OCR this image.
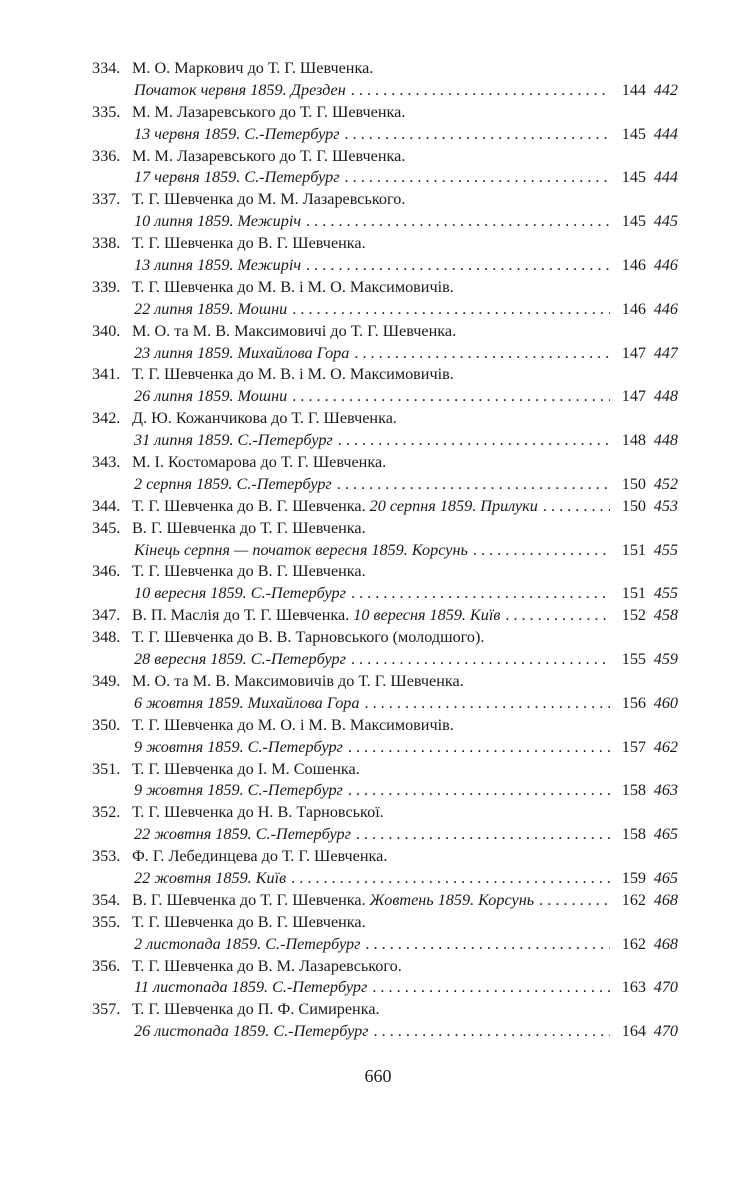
334. М. О. Маркович до Т. Г. Шевченка.
Початок червня 1859. Дрезден . . .	144 442
335. М. М. Лазаревського до Т. Г. Шевченка.
13 червня 1859. С.-Петербург . . .	145 444
336. М. М. Лазаревського до Т. Г. Шевченка.
17 червня 1859. С.-Петербург . . .	145 444
337. Т. Г. Шевченка до М. М. Лазаревського.
10 липня 1859. Межиріч . . .	145 445
338. Т. Г. Шевченка до В. Г. Шевченка.
13 липня 1859. Межиріч . . .	146 446
339. Т. Г. Шевченка до М. В. і М. О. Максимовичів.
22 липня 1859. Мошни . . .	146 446
340. М. О. та М. В. Максимовичі до Т. Г. Шевченка.
23 липня 1859. Михайлова Гора . . .	147 447
341. Т. Г. Шевченка до М. В. і М. О. Максимовичів.
26 липня 1859. Мошни . . .	147 448
342. Д. Ю. Кожанчикова до Т. Г. Шевченка.
31 липня 1859. С.-Петербург . . .	148 448
343. М. І. Костомарова до Т. Г. Шевченка.
2 серпня 1859. С.-Петербург . . .	150 452
344. Т. Г. Шевченка до В. Г. Шевченка. 20 серпня 1859. Прилуки . . .	150 453
345. В. Г. Шевченка до Т. Г. Шевченка.
Кінець серпня — початок вересня 1859. Корсунь . . .	151 455
346. Т. Г. Шевченка до В. Г. Шевченка.
10 вересня 1859. С.-Петербург . . .	151 455
347. В. П. Маслія до Т. Г. Шевченка. 10 вересня 1859. Київ . . .	152 458
348. Т. Г. Шевченка до В. В. Тарновського (молодшого).
28 вересня 1859. С.-Петербург . . .	155 459
349. М. О. та М. В. Максимовичів до Т. Г. Шевченка.
6 жовтня 1859. Михайлова Гора . . .	156 460
350. Т. Г. Шевченка до М. О. і М. В. Максимовичів.
9 жовтня 1859. С.-Петербург . . .	157 462
351. Т. Г. Шевченка до І. М. Сошенка.
9 жовтня 1859. С.-Петербург . . .	158 463
352. Т. Г. Шевченка до Н. В. Тарновської.
22 жовтня 1859. С.-Петербург . . .	158 465
353. Ф. Г. Лебединцева до Т. Г. Шевченка.
22 жовтня 1859. Київ . . .	159 465
354. В. Г. Шевченка до Т. Г. Шевченка. Жовтень 1859. Корсунь . . .	162 468
355. Т. Г. Шевченка до В. Г. Шевченка.
2 листопада 1859. С.-Петербург . . .	162 468
356. Т. Г. Шевченка до В. М. Лазаревського.
11 листопада 1859. С.-Петербург . . .	163 470
357. Т. Г. Шевченка до П. Ф. Симиренка.
26 листопада 1859. С.-Петербург . . .	164 470
660
